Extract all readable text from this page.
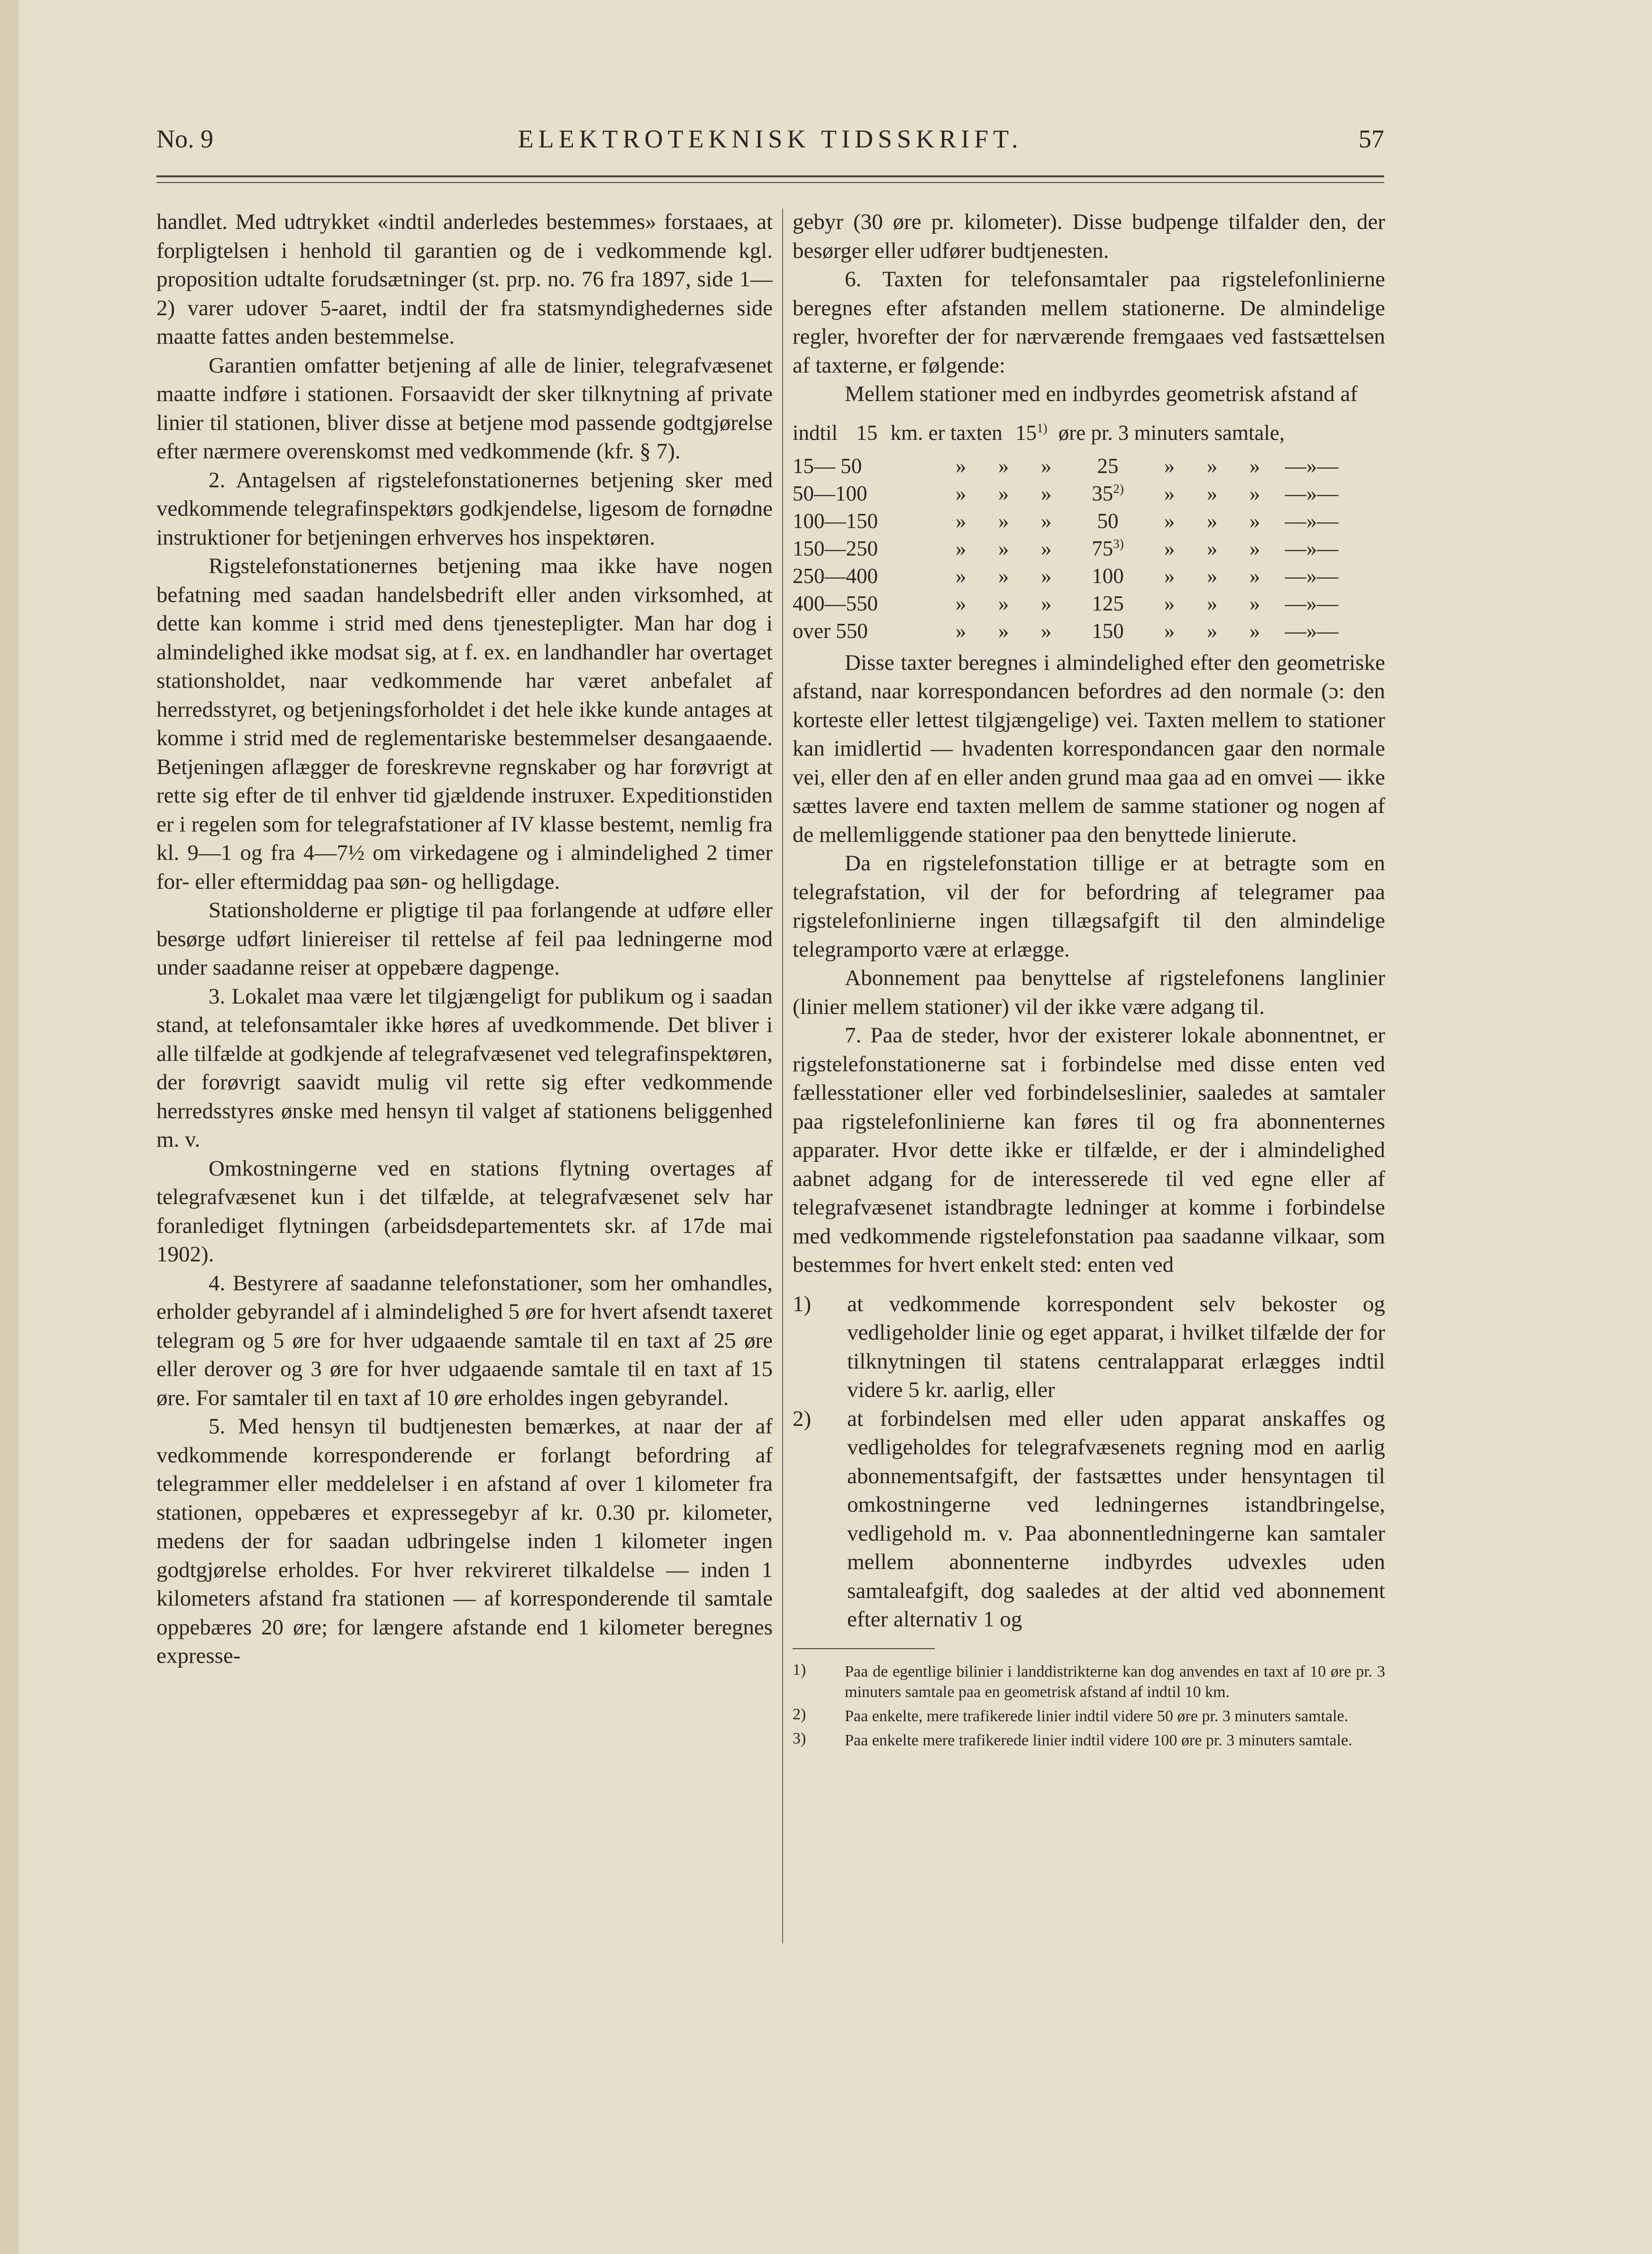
ELEKTROTEKNISK TIDSSKRIFT.
No. 9	57

handlet. Med udtrykket «indtil anderledes bestemmes» forstaaes, at forpligtelsen i henhold til garantien og de i vedkommende kgl. proposition udtalte forudsætninger (st. prp. no. 76 fra 1897, side 1—2) varer udover 5-aaret, indtil der fra statsmyndighedernes side maatte fattes anden bestemmelse.

Garantien omfatter betjening af alle de linier, telegrafvæsenet maatte indføre i stationen. Forsaavidt der sker tilknytning af private linier til stationen, bliver disse at betjene mod passende godtgjørelse efter nærmere overenskomst med vedkommende (kfr. § 7).

2. Antagelsen af rigstelefonstationernes betjening sker med vedkommende telegrafinspektørs godkjendelse, ligesom de fornødne instruktioner for betjeningen erhverves hos inspektøren.

Rigstelefonstationernes betjening maa ikke have nogen befatning med saadan handelsbedrift eller anden virksomhed, at dette kan komme i strid med dens tjenestepligter. Man har dog i almindelighed ikke modsat sig, at f. ex. en landhandler har overtaget stationsholdet, naar vedkommende har været anbefalet af herredsstyret, og betjeningsforholdet i det hele ikke kunde antages at komme i strid med de reglementariske bestemmelser desangaaende. Betjeningen aflægger de foreskrevne regnskaber og har forøvrigt at rette sig efter de til enhver tid gjældende instruxer. Expeditionstiden er i regelen som for telegrafstationer af IV klasse bestemt, nemlig fra kl. 9—1 og fra 4—7½ om virkedagene og i almindelighed 2 timer for- eller eftermiddag paa søn- og helligdage.

Stationsholderne er pligtige til paa forlangende at udføre eller besørge udført liniereiser til rettelse af feil paa ledningerne mod under saadanne reiser at oppebære dagpenge.

3. Lokalet maa være let tilgjængeligt for publikum og i saadan stand, at telefonsamtaler ikke høres af uvedkommende. Det bliver i alle tilfælde at godkjende af telegrafvæsenet ved telegrafinspektøren, der forøvrigt saavidt mulig vil rette sig efter vedkommende herredsstyres ønske med hensyn til valget af stationens beliggenhed m. v.

Omkostningerne ved en stations flytning overtages af telegrafvæsenet kun i det tilfælde, at telegrafvæsenet selv har foranlediget flytningen (arbeidsdepartementets skr. af 17de mai 1902).

4. Bestyrere af saadanne telefonstationer, som her omhandles, erholder gebyrandel af i almindelighed 5 øre for hvert afsendt taxeret telegram og 5 øre for hver udgaaende samtale til en taxt af 25 øre eller derover og 3 øre for hver udgaaende samtale til en taxt af 15 øre. For samtaler til en taxt af 10 øre erholdes ingen gebyrandel.

5. Med hensyn til budtjenesten bemærkes, at naar der af vedkommende korresponderende er forlangt befordring af telegrammer eller meddelelser i en afstand af over 1 kilometer fra stationen, oppebæres et expressegebyr af kr. 0.30 pr. kilometer, medens der for saadan udbringelse inden 1 kilometer ingen godtgjørelse erholdes. For hver rekvireret tilkaldelse — inden 1 kilometers afstand fra stationen — af korresponderende til samtale oppebæres 20 øre; for længere afstande end 1 kilometer beregnes expresse-

gebyr (30 øre pr. kilometer). Disse budpenge tilfalder den, der besørger eller udfører budtjenesten.

6. Taxten for telefonsamtaler paa rigstelefonlinierne beregnes efter afstanden mellem stationerne. De almindelige regler, hvorefter der for nærværende fremgaaes ved fastsættelsen af taxterne, er følgende:

Mellem stationer med en indbyrdes geometrisk afstand af

indtil 15 km. er taxten 15$^{1)}$ øre pr. 3 minuters samtale,
15— 50	»	»	»	25	»	»	»	—»—
50—100	»	»	»	35$^{2)}$	»	»	»	—»—
100—150	»	»	»	50	»	»	»	—»—
150—250	»	»	»	75$^{3)}$	»	»	»	—»—
250—400	»	»	»	100	»	»	»	—»—
400—550	»	»	»	125	»	»	»	—»—
over 550	»	»	»	150	»	»	»	—»—

Disse taxter beregnes i almindelighed efter den geometriske afstand, naar korrespondancen befordres ad den normale (ɔ: den korteste eller lettest tilgjængelige) vei. Taxten mellem to stationer kan imidlertid — hvadenten korrespondancen gaar den normale vei, eller den af en eller anden grund maa gaa ad en omvei — ikke sættes lavere end taxten mellem de samme stationer og nogen af de mellemliggende stationer paa den benyttede linierute.

Da en rigstelefonstation tillige er at betragte som en telegrafstation, vil der for befordring af telegramer paa rigstelefonlinierne ingen tillægsafgift til den almindelige telegramporto være at erlægge.

Abonnement paa benyttelse af rigstelefonens langlinier (linier mellem stationer) vil der ikke være adgang til.

7. Paa de steder, hvor der existerer lokale abonnentnet, er rigstelefonstationerne sat i forbindelse med disse enten ved fællesstationer eller ved forbindelseslinier, saaledes at samtaler paa rigstelefonlinierne kan føres til og fra abonnenternes apparater. Hvor dette ikke er tilfælde, er der i almindelighed aabnet adgang for de interesserede til ved egne eller af telegrafvæsenet istandbragte ledninger at komme i forbindelse med vedkommende rigstelefonstation paa saadanne vilkaar, som bestemmes for hvert enkelt sted: enten ved

1) at vedkommende korrespondent selv bekoster og vedligeholder linie og eget apparat, i hvilket tilfælde der for tilknytningen til statens centralapparat erlægges indtil videre 5 kr. aarlig, eller

2) at forbindelsen med eller uden apparat anskaffes og vedligeholdes for telegrafvæsenets regning mod en aarlig abonnementsafgift, der fastsættes under hensyntagen til omkostningerne ved ledningernes istandbringelse, vedligehold m. v. Paa abonnentledningerne kan samtaler mellem abonnenterne indbyrdes udvexles uden samtaleafgift, dog saaledes at der altid ved abonnement efter alternativ 1 og

1) Paa de egentlige bilinier i landdistrikterne kan dog anvendes en taxt af 10 øre pr. 3 minuters samtale paa en geometrisk afstand af indtil 10 km.
2) Paa enkelte, mere trafikerede linier indtil videre 50 øre pr. 3 minuters samtale.
3) Paa enkelte mere trafikerede linier indtil videre 100 øre pr. 3 minuters samtale.
